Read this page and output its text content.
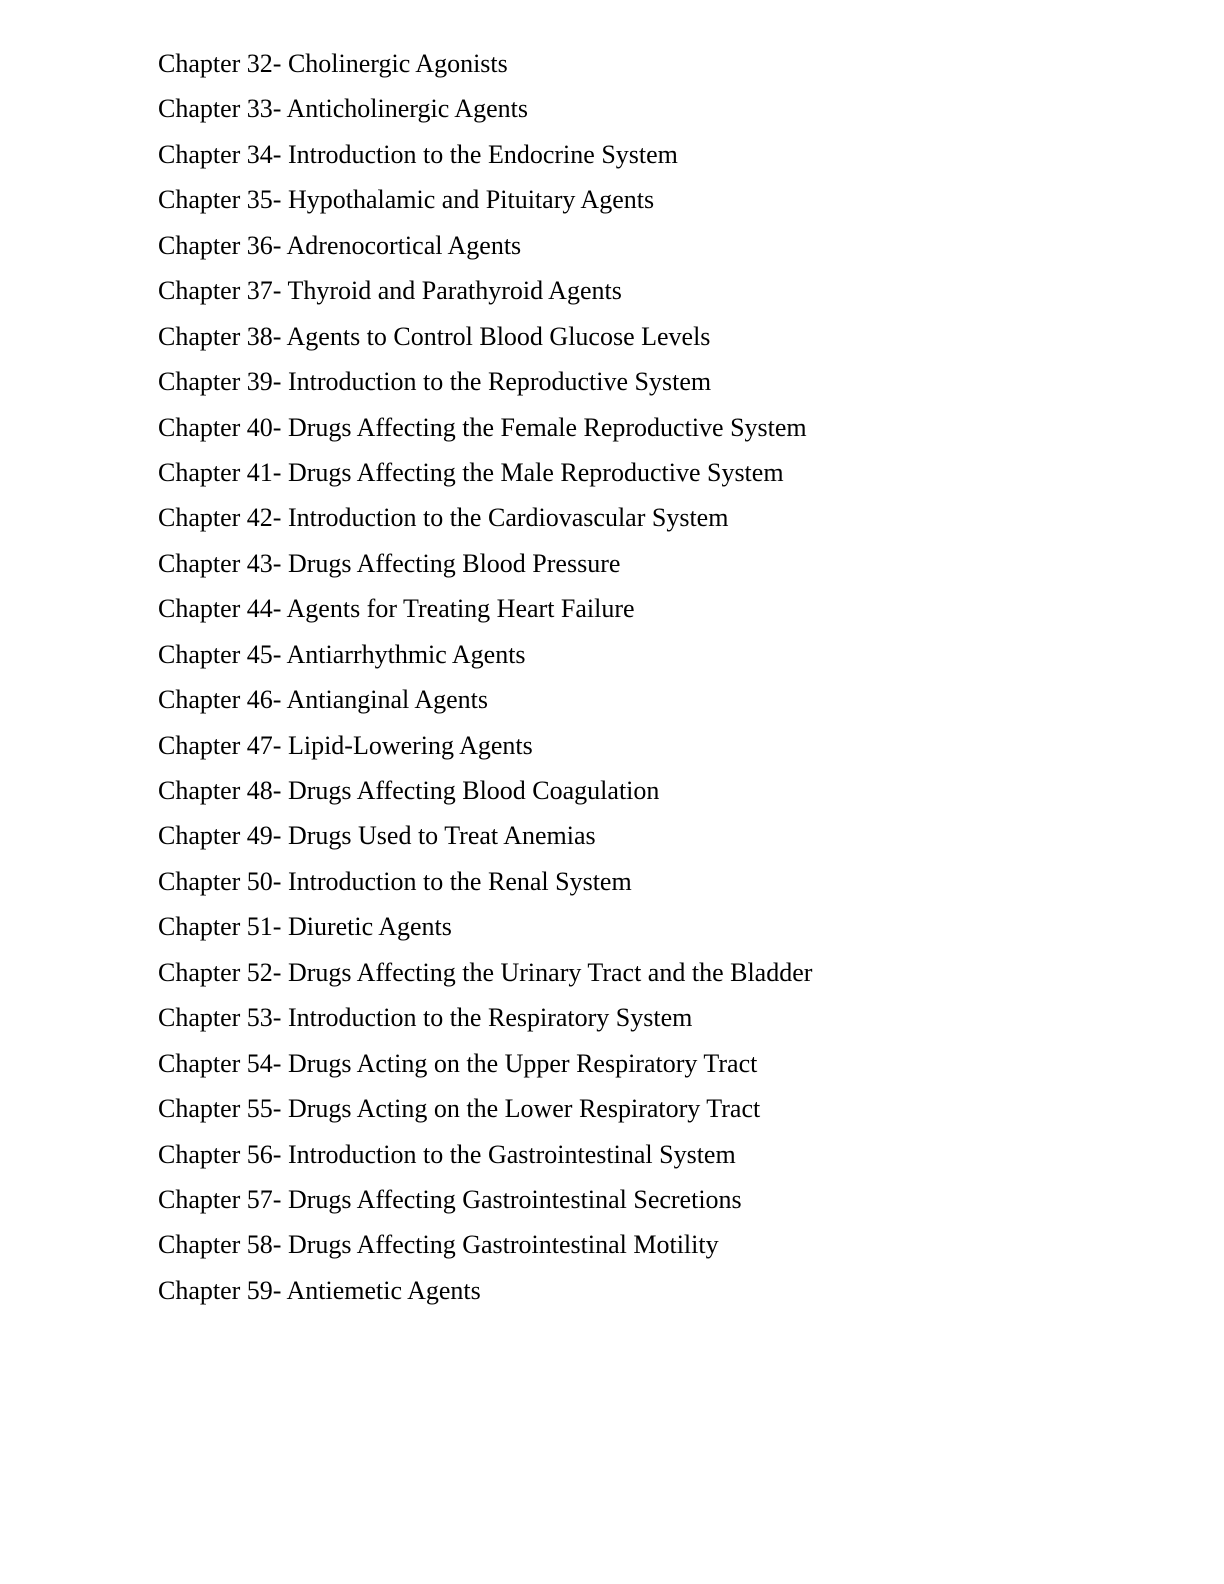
Chapter 32- Cholinergic Agonists
Chapter 33- Anticholinergic Agents
Chapter 34- Introduction to the Endocrine System
Chapter 35- Hypothalamic and Pituitary Agents
Chapter 36- Adrenocortical Agents
Chapter 37- Thyroid and Parathyroid Agents
Chapter 38- Agents to Control Blood Glucose Levels
Chapter 39- Introduction to the Reproductive System
Chapter 40- Drugs Affecting the Female Reproductive System
Chapter 41- Drugs Affecting the Male Reproductive System
Chapter 42- Introduction to the Cardiovascular System
Chapter 43- Drugs Affecting Blood Pressure
Chapter 44- Agents for Treating Heart Failure
Chapter 45- Antiarrhythmic Agents
Chapter 46- Antianginal Agents
Chapter 47- Lipid-Lowering Agents
Chapter 48- Drugs Affecting Blood Coagulation
Chapter 49- Drugs Used to Treat Anemias
Chapter 50- Introduction to the Renal System
Chapter 51- Diuretic Agents
Chapter 52- Drugs Affecting the Urinary Tract and the Bladder
Chapter 53- Introduction to the Respiratory System
Chapter 54- Drugs Acting on the Upper Respiratory Tract
Chapter 55- Drugs Acting on the Lower Respiratory Tract
Chapter 56- Introduction to the Gastrointestinal System
Chapter 57- Drugs Affecting Gastrointestinal Secretions
Chapter 58- Drugs Affecting Gastrointestinal Motility
Chapter 59- Antiemetic Agents
